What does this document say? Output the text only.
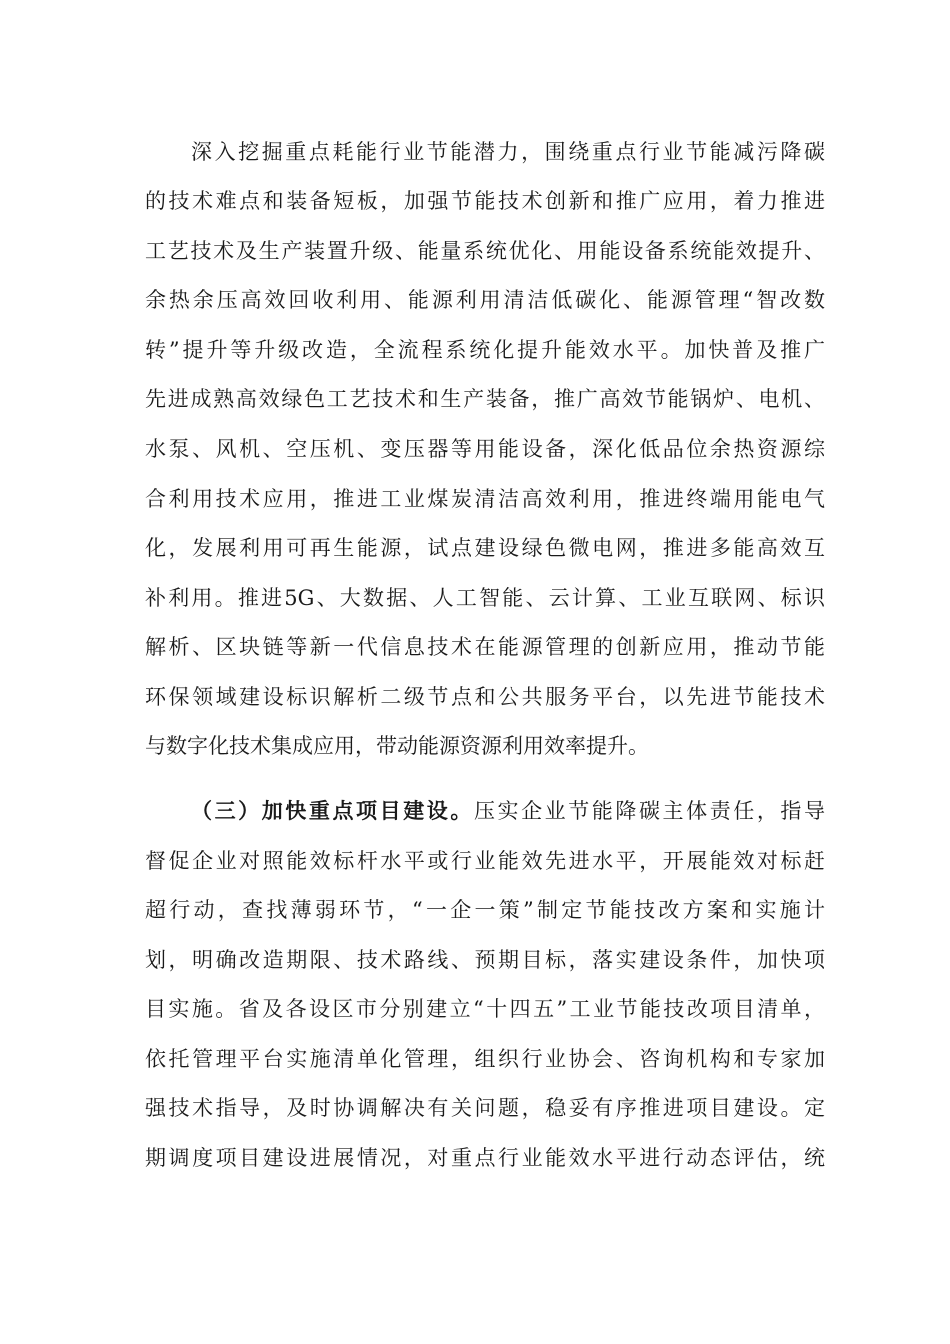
深入挖掘重点耗能行业节能潜力，围绕重点行业节能减污降碳
的技术难点和装备短板，加强节能技术创新和推广应用，着力推进
工艺技术及生产装置升级、能量系统优化、用能设备系统能效提升、
余热余压高效回收利用、能源利用清洁低碳化、能源管理“智改数
转”提升等升级改造，全流程系统化提升能效水平。加快普及推广
先进成熟高效绿色工艺技术和生产装备，推广高效节能锅炉、电机、
水泵、风机、空压机、变压器等用能设备，深化低品位余热资源综
合利用技术应用，推进工业煤炭清洁高效利用，推进终端用能电气
化，发展利用可再生能源，试点建设绿色微电网，推进多能高效互
补利用。推进5G、大数据、人工智能、云计算、工业互联网、标识
解析、区块链等新一代信息技术在能源管理的创新应用，推动节能
环保领域建设标识解析二级节点和公共服务平台，以先进节能技术
与数字化技术集成应用，带动能源资源利用效率提升。
（三）加快重点项目建设。压实企业节能降碳主体责任，指导
督促企业对照能效标杆水平或行业能效先进水平，开展能效对标赶
超行动，查找薄弱环节，“一企一策”制定节能技改方案和实施计
划，明确改造期限、技术路线、预期目标，落实建设条件，加快项
目实施。省及各设区市分别建立“十四五”工业节能技改项目清单，
依托管理平台实施清单化管理，组织行业协会、咨询机构和专家加
强技术指导，及时协调解决有关问题，稳妥有序推进项目建设。定
期调度项目建设进展情况，对重点行业能效水平进行动态评估，统
